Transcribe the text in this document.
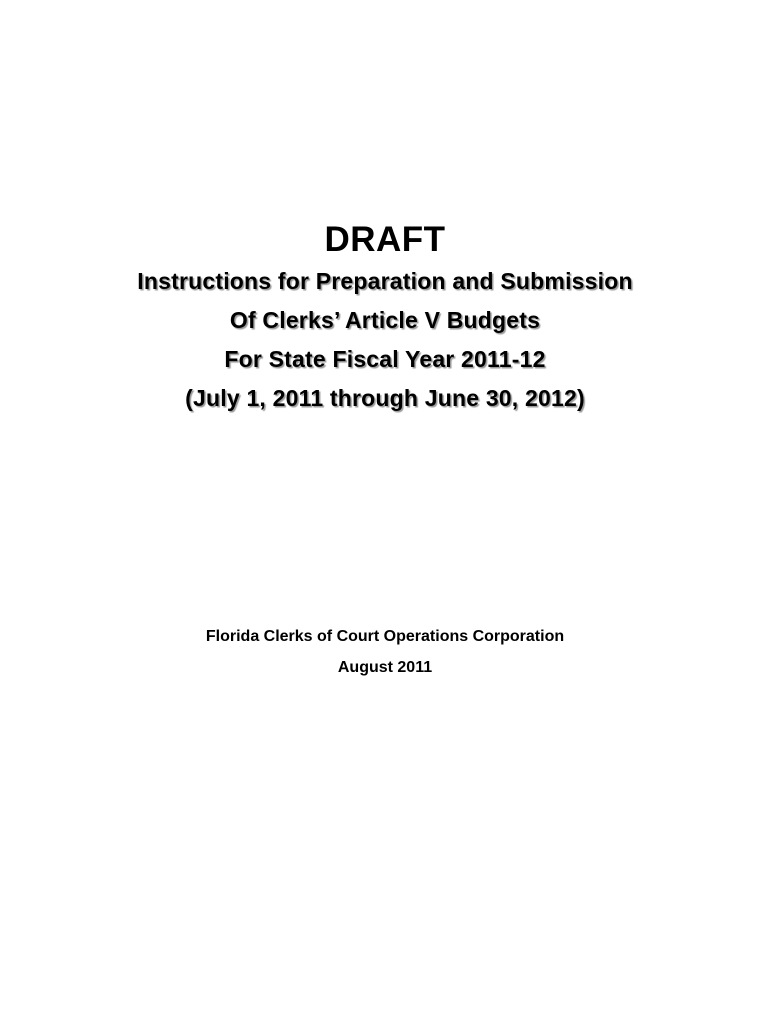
DRAFT
Instructions for Preparation and Submission
Of Clerks’ Article V Budgets
For State Fiscal Year 2011-12
(July 1, 2011 through June 30, 2012)
Florida Clerks of Court Operations Corporation
August 2011
